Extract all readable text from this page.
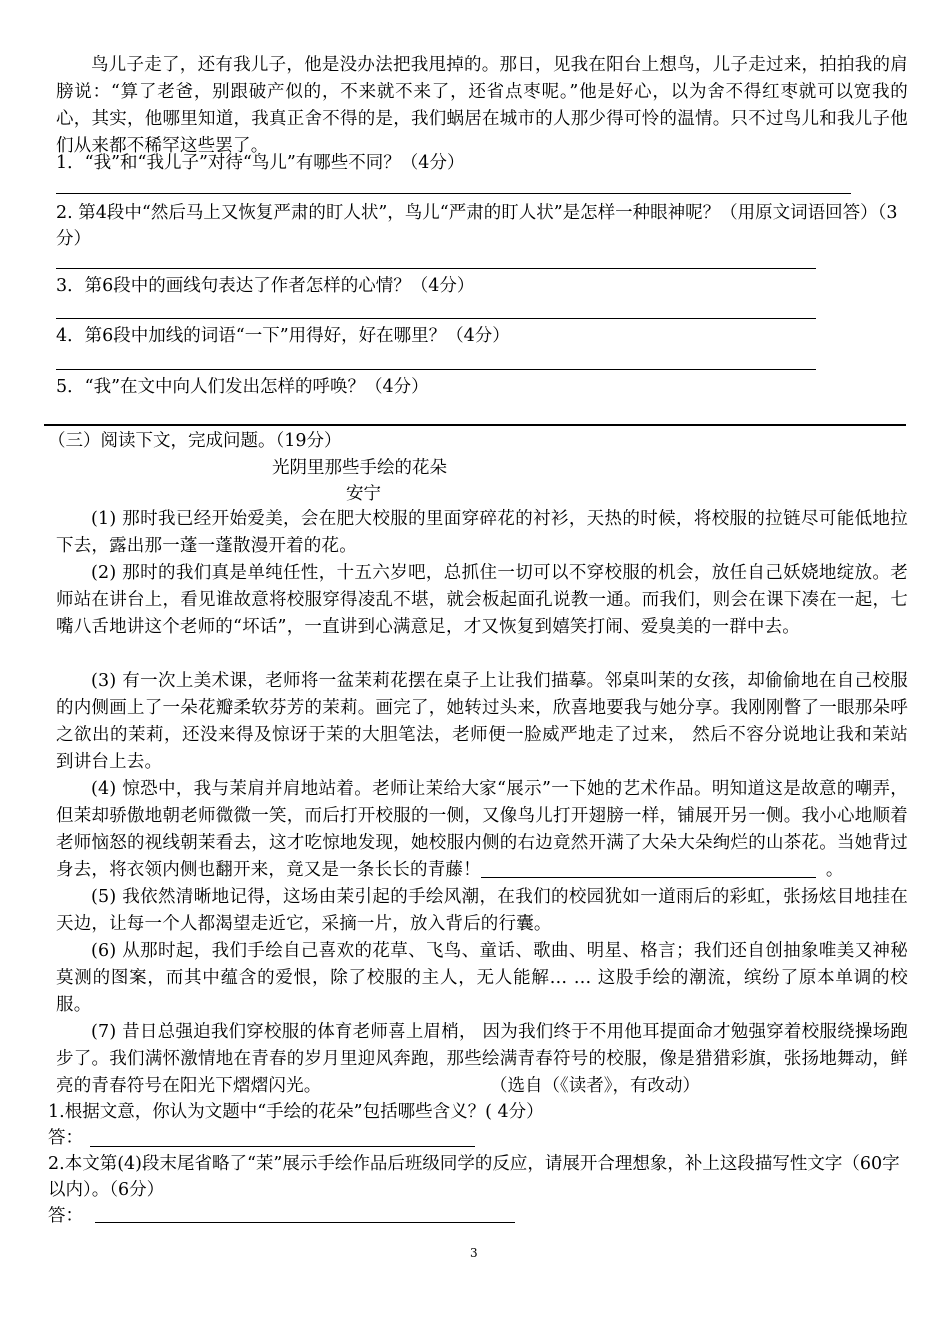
鸟儿子走了，还有我儿子，他是没办法把我甩掉的。那日，见我在阳台上想鸟，儿子走过来，拍拍我的肩膀说：“算了老爸，别跟破产似的，不来就不来了，还省点枣呢。”他是好心，以为舍不得红枣就可以宽我的心，其实，他哪里知道，我真正舍不得的是，我们蜗居在城市的人那少得可怜的温情。只不过鸟儿和我儿子他们从来都不稀罕这些罢了。

1．“我”和“我儿子”对待“鸟儿”有哪些不同？（4分）

2. 第4段中“然后马上又恢复严肃的盯人状”，鸟儿“严肃的盯人状”是怎样一种眼神呢？（用原文词语回答）（3分）

3．第6段中的画线句表达了作者怎样的心情？（4分）

4．第6段中加线的词语“一下”用得好，好在哪里？（4分）

5．“我”在文中向人们发出怎样的呼唤？（4分）

（三）阅读下文，完成问题。（19分）

光阴里那些手绘的花朵

安宁

(1) 那时我已经开始爱美，会在肥大校服的里面穿碎花的衬衫，天热的时候，将校服的拉链尽可能低地拉下去，露出那一蓬一蓬散漫开着的花。

(2) 那时的我们真是单纯任性，十五六岁吧，总抓住一切可以不穿校服的机会，放任自己妖娆地绽放。老师站在讲台上，看见谁故意将校服穿得凌乱不堪，就会板起面孔说教一通。而我们，则会在课下凑在一起，七嘴八舌地讲这个老师的“坏话”，一直讲到心满意足，才又恢复到嬉笑打闹、爱臭美的一群中去。

(3) 有一次上美术课，老师将一盆茉莉花摆在桌子上让我们描摹。邻桌叫茉的女孩，却偷偷地在自己校服的内侧画上了一朵花瓣柔软芬芳的茉莉。画完了，她转过头来，欣喜地要我与她分享。我刚刚瞥了一眼那朵呼之欲出的茉莉，还没来得及惊讶于茉的大胆笔法，老师便一脸威严地走了过来， 然后不容分说地让我和茉站到讲台上去。

(4) 惊恐中，我与茉肩并肩地站着。老师让茉给大家“展示”一下她的艺术作品。明知道这是故意的嘲弄，但茉却骄傲地朝老师微微一笑，而后打开校服的一侧，又像鸟儿打开翅膀一样，铺展开另一侧。我小心地顺着老师恼怒的视线朝茉看去，这才吃惊地发现，她校服内侧的右边竟然开满了大朵大朵绚烂的山茶花。当她背过身去，将衣领内侧也翻开来，竟又是一条长长的青藤！	。

(5) 我依然清晰地记得，这场由茉引起的手绘风潮，在我们的校园犹如一道雨后的彩虹，张扬炫目地挂在天边，让每一个人都渴望走近它，采摘一片，放入背后的行囊。

(6) 从那时起，我们手绘自己喜欢的花草、飞鸟、童话、歌曲、明星、格言；我们还自创抽象唯美又神秘莫测的图案，而其中蕴含的爱恨，除了校服的主人，无人能解… … 这股手绘的潮流，缤纷了原本单调的校服。

(7) 昔日总强迫我们穿校服的体育老师喜上眉梢， 因为我们终于不用他耳提面命才勉强穿着校服绕操场跑步了。我们满怀激情地在青春的岁月里迎风奔跑，那些绘满青春符号的校服，像是猎猎彩旗，张扬地舞动，鲜亮的青春符号在阳光下熠熠闪光。	（选自（《读者》，有改动）

1.根据文意，你认为文题中“手绘的花朵”包括哪些含义？( 4分）

答：

2.本文第(4)段末尾省略了“茉”展示手绘作品后班级同学的反应，请展开合理想象，补上这段描写性文字（60字以内）。（6分）

答：

3
